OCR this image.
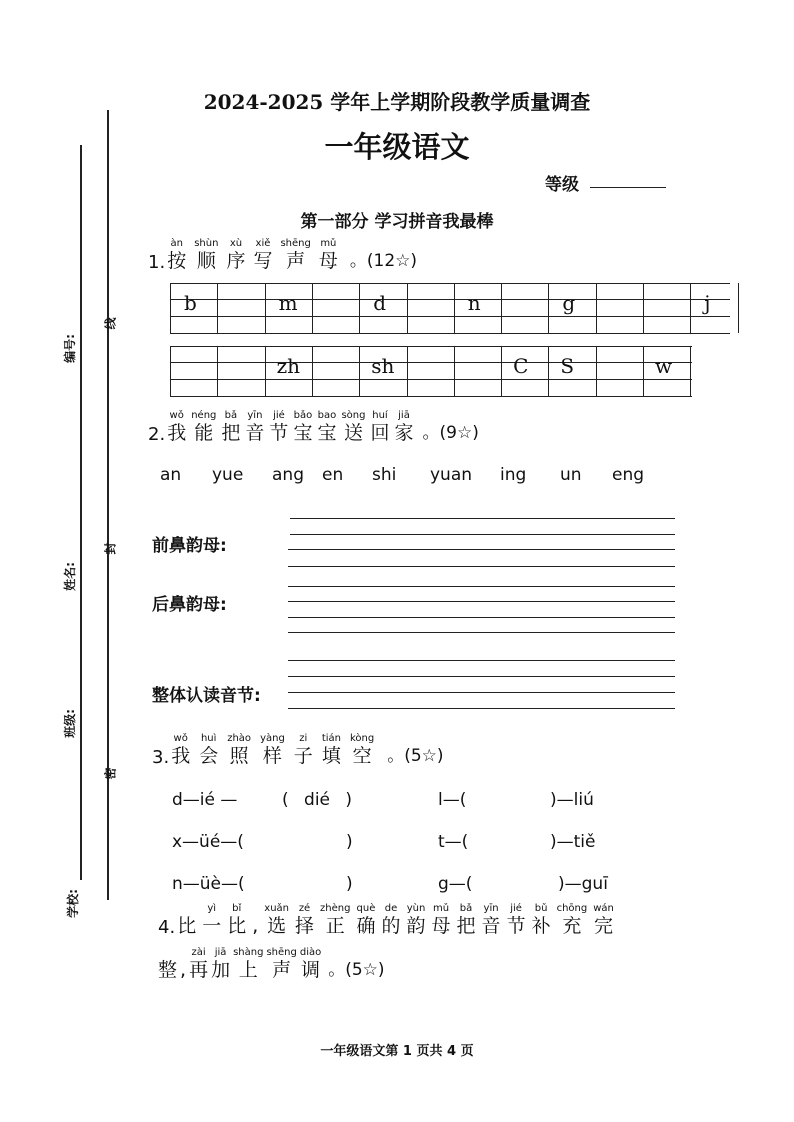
编号:
姓名:
班级:
学校:
线
封
密
2024-2025 学年上学期阶段教学质量调查
一年级语文
等级
第一部分 学习拼音我最棒
1.
àn
按
shùn
顺
xù
序
xiě
写
shēng
声
mǔ
母 。(12☆)
b	m	d	n	g	j
zh	sh	C S	w
2.
wǒ
我
néng
能
bǎ
把
yīn
音
jié
节
bǎo
宝
bao
宝
sòng
送
huí
回
jiā
家 。(9☆)
an yue ang en shi yuan ing un eng
前鼻韵母:
后鼻韵母:
整体认读音节:
3.
wǒ
我
huì
会
zhào
照
yàng
样
zi
子
tián
填
kòng
空 。(5☆)
d—ié —	( dié )	l—(	)—liú
x—üé—(	)	t—(	)—tiě
n—üè—(	)	g—(	)—guī
4. 比
yì
一
bǐ
比 ,
xuǎn
选
zé
择
zhèng
正
què
确
de
的
yùn
韵
mǔ
母
bǎ
把
yīn
音
jié
节
bǔ
补
chōng
充
wán
完
整 ,
zài
再
jiā
加
shàng
上
shēng
声
diào
调 。(5☆)
一年级语文第 1 页共 4 页
